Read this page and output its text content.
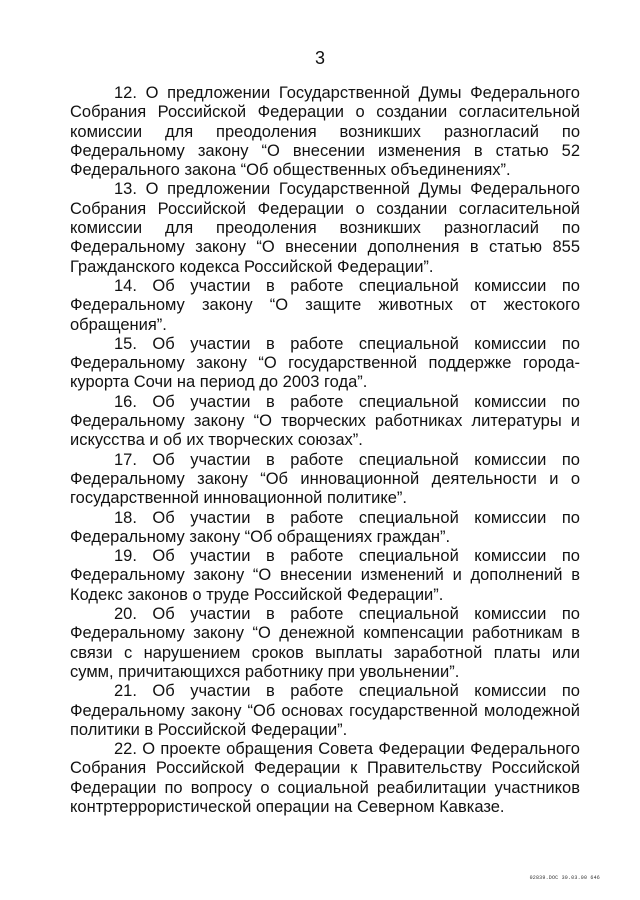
3

12. О предложении Государственной Думы Федерального Собрания Российской Федерации о создании согласительной комиссии для преодоления возникших разногласий по Федеральному закону “О внесении изменения в статью 52 Федерального закона “Об общественных объединениях”.

13. О предложении Государственной Думы Федерального Собрания Российской Федерации о создании согласительной комиссии для преодоления возникших разногласий по Федеральному закону “О внесении дополнения в статью 855 Гражданского кодекса Российской Федерации”.

14. Об участии в работе специальной комиссии по Федеральному закону “О защите животных от жестокого обращения”.

15. Об участии в работе специальной комиссии по Федеральному закону “О государственной поддержке города-курорта Сочи на период до 2003 года”.

16. Об участии в работе специальной комиссии по Федеральному закону “О творческих работниках литературы и искусства и об их творческих союзах”.

17. Об участии в работе специальной комиссии по Федеральному закону “Об инновационной деятельности и о государственной инновационной политике”.

18. Об участии в работе специальной комиссии по Федеральному закону “Об обращениях граждан”.

19. Об участии в работе специальной комиссии по Федеральному закону “О внесении изменений и дополнений в Кодекс законов о труде Российской Федерации”.

20. Об участии в работе специальной комиссии по Федеральному закону “О денежной компенсации работникам в связи с нарушением сроков выплаты заработной платы или сумм, причитающихся работнику при увольнении”.

21. Об участии в работе специальной комиссии по Федеральному закону “Об основах государственной молодежной политики в Российской Федерации”.

22. О проекте обращения Совета Федерации Федерального Собрания Российской Федерации к Правительству Российской Федерации по вопросу о социальной реабилитации участников контртеррористической операции на Северном Кавказе.

02839.DOC 30.03.00 646
